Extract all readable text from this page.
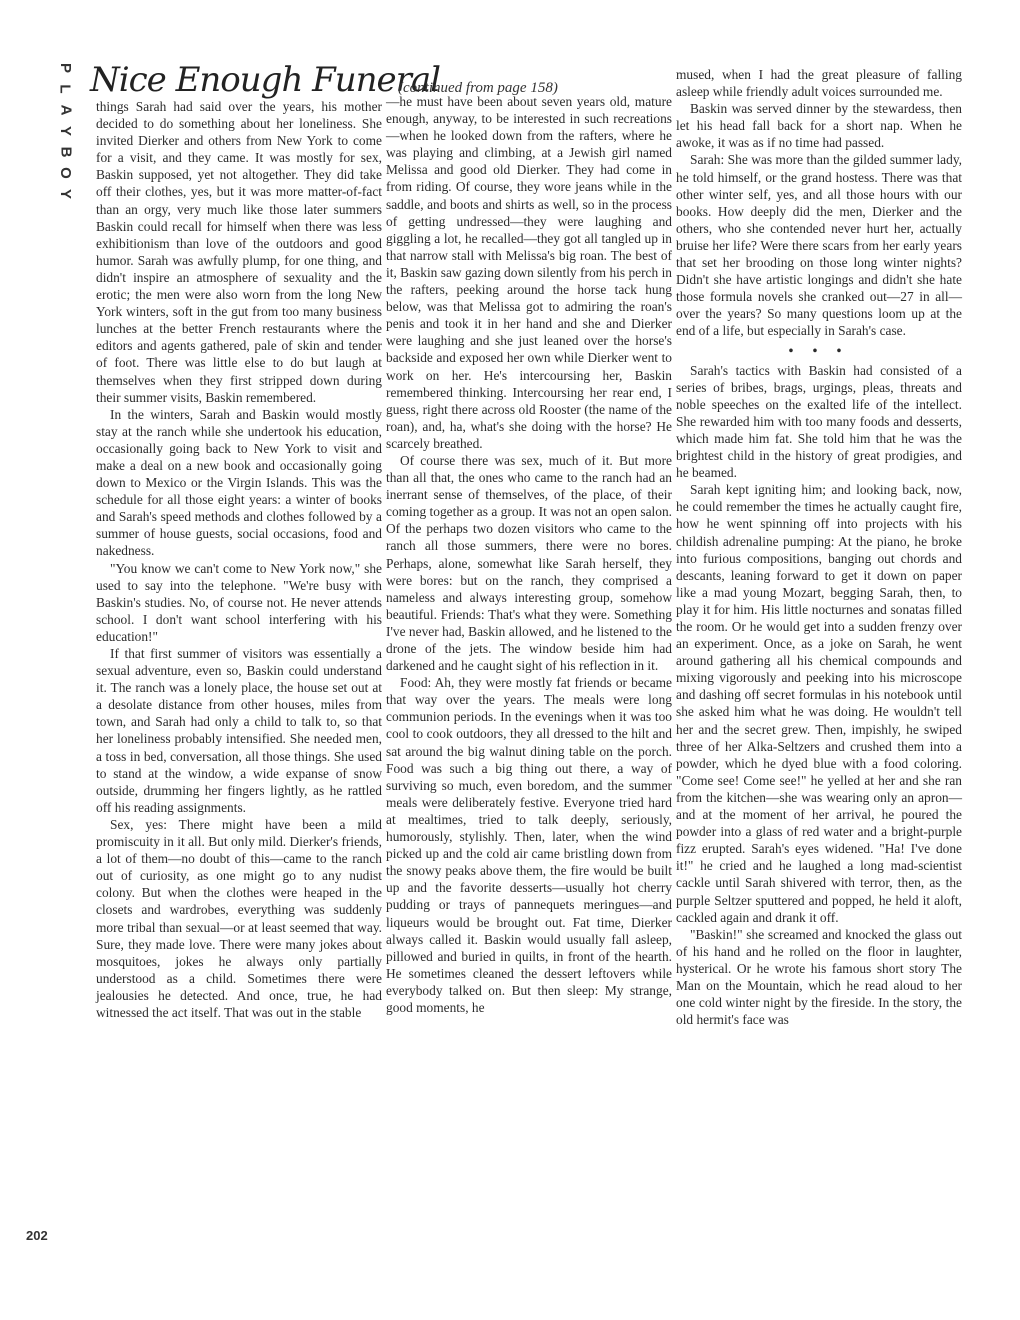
P
L
A
Y
B
O
Y
Nice Enough Funeral
(continued from page 158)

things Sarah had said over the years, his mother decided to do something about her loneliness. She invited Dierker and others from New York to come for a visit, and they came. It was mostly for sex, Baskin supposed, yet not altogether. They did take off their clothes, yes, but it was more matter-of-fact than an orgy, very much like those later summers Baskin could recall for himself when there was less exhibitionism than love of the outdoors and good humor. Sarah was awfully plump, for one thing, and didn't inspire an atmosphere of sexuality and the erotic; the men were also worn from the long New York winters, soft in the gut from too many business lunches at the better French restaurants where the editors and agents gathered, pale of skin and tender of foot. There was little else to do but laugh at themselves when they first stripped down during their summer visits, Baskin remembered.

In the winters, Sarah and Baskin would mostly stay at the ranch while she undertook his education, occasionally going back to New York to visit and make a deal on a new book and occasionally going down to Mexico or the Virgin Islands. This was the schedule for all those eight years: a winter of books and Sarah's speed methods and clothes followed by a summer of house guests, social occasions, food and nakedness.

"You know we can't come to New York now," she used to say into the telephone. "We're busy with Baskin's studies. No, of course not. He never attends school. I don't want school interfering with his education!"

If that first summer of visitors was essentially a sexual adventure, even so, Baskin could understand it. The ranch was a lonely place, the house set out at a desolate distance from other houses, miles from town, and Sarah had only a child to talk to, so that her loneliness probably intensified. She needed men, a toss in bed, conversation, all those things. She used to stand at the window, a wide expanse of snow outside, drumming her fingers lightly, as he rattled off his reading assignments.

Sex, yes: There might have been a mild promiscuity in it all. But only mild. Dierker's friends, a lot of them—no doubt of this—came to the ranch out of curiosity, as one might go to any nudist colony. But when the clothes were heaped in the closets and wardrobes, everything was suddenly more tribal than sexual—or at least seemed that way. Sure, they made love. There were many jokes about mosquitoes, jokes he always only partially understood as a child. Sometimes there were jealousies he detected. And once, true, he had witnessed the act itself. That was out in the stable

—he must have been about seven years old, mature enough, anyway, to be interested in such recreations—when he looked down from the rafters, where he was playing and climbing, at a Jewish girl named Melissa and good old Dierker. They had come in from riding. Of course, they wore jeans while in the saddle, and boots and shirts as well, so in the process of getting undressed—they were laughing and giggling a lot, he recalled—they got all tangled up in that narrow stall with Melissa's big roan. The best of it, Baskin saw gazing down silently from his perch in the rafters, peeking around the horse tack hung below, was that Melissa got to admiring the roan's penis and took it in her hand and she and Dierker were laughing and she just leaned over the horse's backside and exposed her own while Dierker went to work on her. He's intercoursing her, Baskin remembered thinking. Intercoursing her rear end, I guess, right there across old Rooster (the name of the roan), and, ha, what's she doing with the horse? He scarcely breathed.

Of course there was sex, much of it. But more than all that, the ones who came to the ranch had an inerrant sense of themselves, of the place, of their coming together as a group. It was not an open salon. Of the perhaps two dozen visitors who came to the ranch all those summers, there were no bores. Perhaps, alone, somewhat like Sarah herself, they were bores: but on the ranch, they comprised a nameless and always interesting group, somehow beautiful. Friends: That's what they were. Something I've never had, Baskin allowed, and he listened to the drone of the jets. The window beside him had darkened and he caught sight of his reflection in it.

Food: Ah, they were mostly fat friends or became that way over the years. The meals were long communion periods. In the evenings when it was too cool to cook outdoors, they all dressed to the hilt and sat around the big walnut dining table on the porch. Food was such a big thing out there, a way of surviving so much, even boredom, and the summer meals were deliberately festive. Everyone tried hard at mealtimes, tried to talk deeply, seriously, humorously, stylishly. Then, later, when the wind picked up and the cold air came bristling down from the snowy peaks above them, the fire would be built up and the favorite desserts—usually hot cherry pudding or trays of pannequets meringues—and liqueurs would be brought out. Fat time, Dierker always called it. Baskin would usually fall asleep, pillowed and buried in quilts, in front of the hearth. He sometimes cleaned the dessert leftovers while everybody talked on. But then sleep: My strange, good moments, he

mused, when I had the great pleasure of falling asleep while friendly adult voices surrounded me.

Baskin was served dinner by the stewardess, then let his head fall back for a short nap. When he awoke, it was as if no time had passed.

Sarah: She was more than the gilded summer lady, he told himself, or the grand hostess. There was that other winter self, yes, and all those hours with our books. How deeply did the men, Dierker and the others, who she contended never hurt her, actually bruise her life? Were there scars from her early years that set her brooding on those long winter nights? Didn't she have artistic longings and didn't she hate those formula novels she cranked out—27 in all—over the years? So many questions loom up at the end of a life, but especially in Sarah's case.

• • •

Sarah's tactics with Baskin had consisted of a series of bribes, brags, urgings, pleas, threats and noble speeches on the exalted life of the intellect. She rewarded him with too many foods and desserts, which made him fat. She told him that he was the brightest child in the history of great prodigies, and he beamed.

Sarah kept igniting him; and looking back, now, he could remember the times he actually caught fire, how he went spinning off into projects with his childish adrenaline pumping: At the piano, he broke into furious compositions, banging out chords and descants, leaning forward to get it down on paper like a mad young Mozart, begging Sarah, then, to play it for him. His little nocturnes and sonatas filled the room. Or he would get into a sudden frenzy over an experiment. Once, as a joke on Sarah, he went around gathering all his chemical compounds and mixing vigorously and peeking into his microscope and dashing off secret formulas in his notebook until she asked him what he was doing. He wouldn't tell her and the secret grew. Then, impishly, he swiped three of her Alka-Seltzers and crushed them into a powder, which he dyed blue with a food coloring. "Come see! Come see!" he yelled at her and she ran from the kitchen—she was wearing only an apron—and at the moment of her arrival, he poured the powder into a glass of red water and a bright-purple fizz erupted. Sarah's eyes widened. "Ha! I've done it!" he cried and he laughed a long mad-scientist cackle until Sarah shivered with terror, then, as the purple Seltzer sputtered and popped, he held it aloft, cackled again and drank it off.

"Baskin!" she screamed and knocked the glass out of his hand and he rolled on the floor in laughter, hysterical. Or he wrote his famous short story The Man on the Mountain, which he read aloud to her one cold winter night by the fireside. In the story, the old hermit's face was

202
